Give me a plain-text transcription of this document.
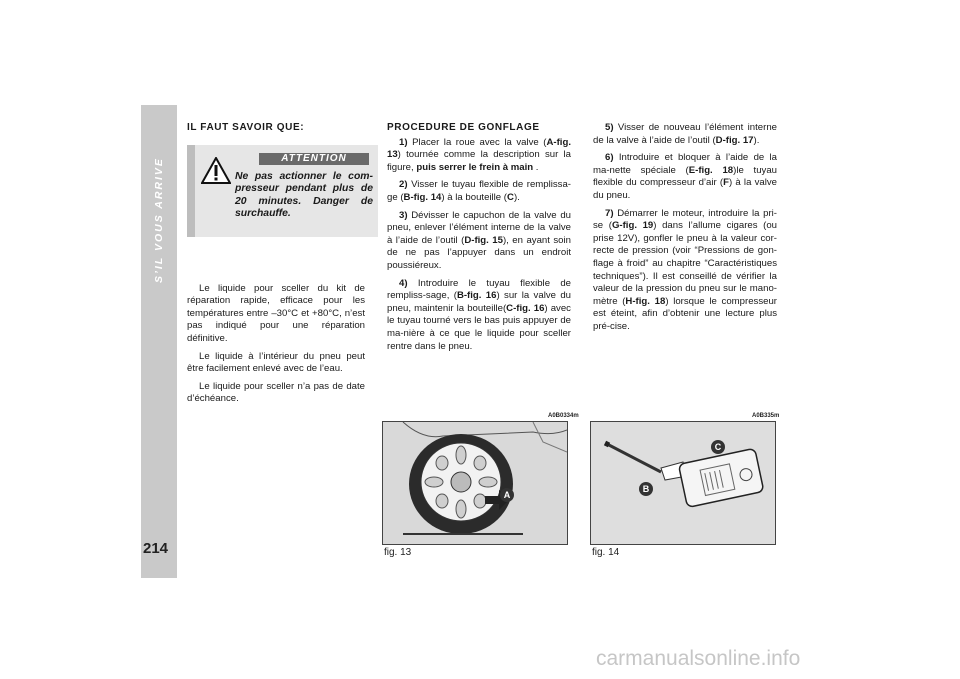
S’IL VOUS ARRIVE
214
IL FAUT SAVOIR QUE:
ATTENTION
Ne pas actionner le com-presseur pendant plus de 20 minutes. Danger de surchauffe.

Le liquide pour sceller du kit de réparation rapide, efficace pour les températures entre –30°C et +80°C, n’est pas indiqué pour une réparation définitive.

Le liquide à l’intérieur du pneu peut être facilement enlevé avec de l’eau.

Le liquide pour sceller n’a pas de date d’échéance.

PROCEDURE DE GONFLAGE

1) Placer la roue avec la valve (A-fig. 13) tournée comme la description sur la figure, puis serrer le frein à main .

2) Visser le tuyau flexible de remplissa-ge (B-fig. 14) à la bouteille (C).

3) Dévisser le capuchon de la valve du pneu, enlever l’élément interne de la valve à l’aide de l’outil (D-fig. 15), en ayant soin de ne pas l’appuyer dans un endroit poussiéreux.

4) Introduire le tuyau flexible de rempliss-sage, (B-fig. 16) sur la valve du pneu, maintenir la bouteille(C-fig. 16) avec le tuyau tourné vers le bas puis appuyer de ma-nière à ce que le liquide pour sceller rentre dans le pneu.

5) Visser de nouveau l’élément interne de la valve à l’aide de l’outil (D-fig. 17).

6) Introduire et bloquer à l’aide de la ma-nette spéciale (E-fig. 18)le tuyau flexible du compresseur d’air (F) à la valve du pneu.

7) Démarrer le moteur, introduire la pri-se (G-fig. 19) dans l’allume cigares (ou prise 12V), gonfler le pneu à la valeur cor-recte de pression (voir “Pressions de gon-flage à froid” au chapitre “Caractéristiques techniques”). Il est conseillé de vérifier la valeur de la pression du pneu sur le mano-mètre (H-fig. 18) lorsque le compresseur est éteint, afin d’obtenir une lecture plus pré-cise.

A0B0334m
A
fig. 13
A0B335m
C
B
fig. 14
carmanualsonline.info
